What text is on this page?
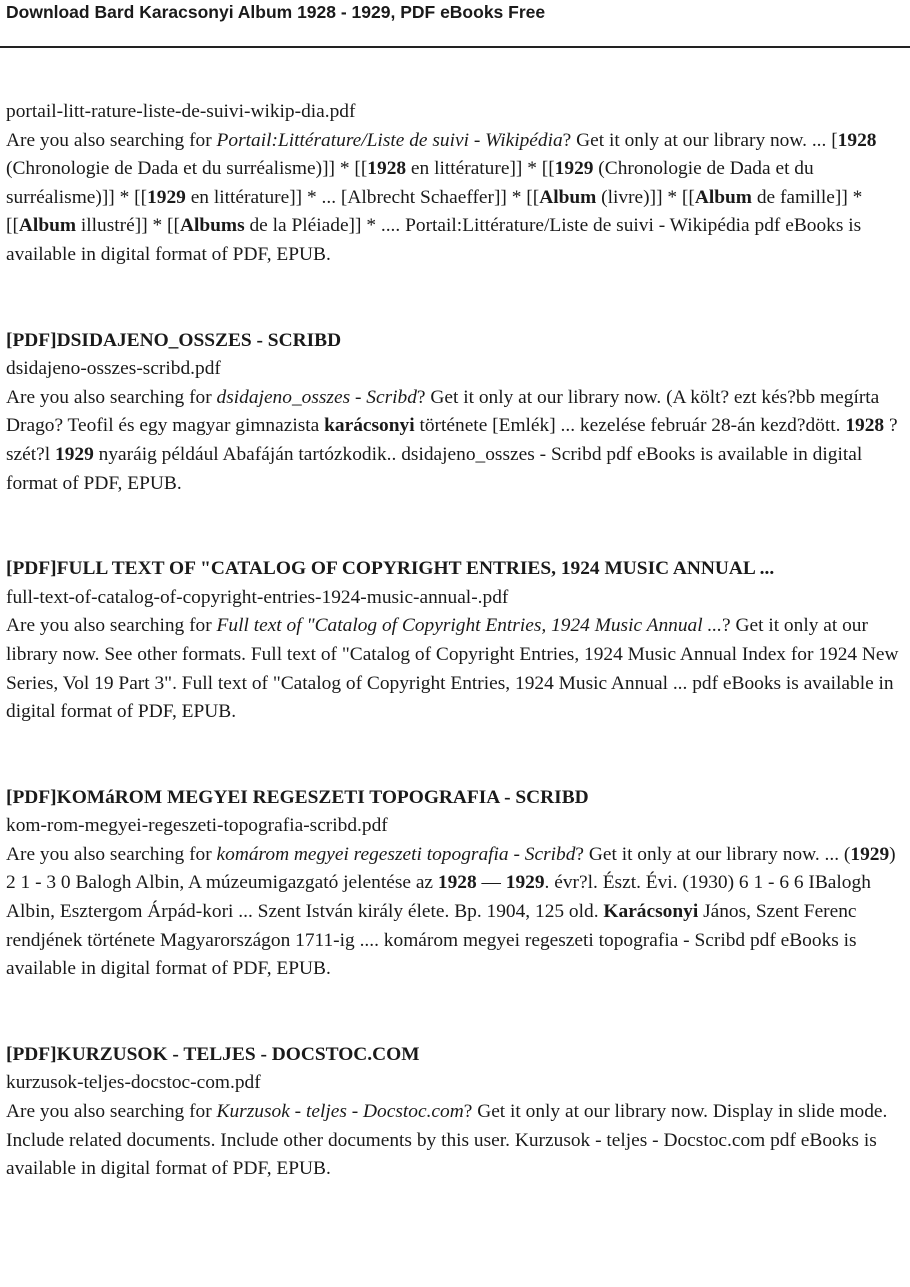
Download Bard Karacsonyi Album 1928 - 1929, PDF eBooks Free
portail-litt-rature-liste-de-suivi-wikip-dia.pdf
Are you also searching for Portail:Littérature/Liste de suivi - Wikipédia? Get it only at our library now. ... [1928 (Chronologie de Dada et du surréalisme)]] * [[1928 en littérature]] * [[1929 (Chronologie de Dada et du surréalisme)]] * [[1929 en littérature]] * ... [Albrecht Schaeffer]] * [[Album (livre)]] * [[Album de famille]] * [[Album illustré]] * [[Albums de la Pléiade]] * .... Portail:Littérature/Liste de suivi - Wikipédia pdf eBooks is available in digital format of PDF, EPUB.
[PDF]DSIDAJENO_OSSZES - SCRIBD
dsidajeno-osszes-scribd.pdf
Are you also searching for dsidajeno_osszes - Scribd? Get it only at our library now. (A költ? ezt kés?bb megírta Drago? Teofil és egy magyar gimnazista karácsonyi története [Emlék] ... kezelése február 28-án kezd?dött. 1928 ?szét?l 1929 nyaráig például Abafáján tartózkodik.. dsidajeno_osszes - Scribd pdf eBooks is available in digital format of PDF, EPUB.
[PDF]FULL TEXT OF "CATALOG OF COPYRIGHT ENTRIES, 1924 MUSIC ANNUAL ...
full-text-of-catalog-of-copyright-entries-1924-music-annual-.pdf
Are you also searching for Full text of "Catalog of Copyright Entries, 1924 Music Annual ...? Get it only at our library now. See other formats. Full text of "Catalog of Copyright Entries, 1924 Music Annual Index for 1924 New Series, Vol 19 Part 3". Full text of "Catalog of Copyright Entries, 1924 Music Annual ... pdf eBooks is available in digital format of PDF, EPUB.
[PDF]KOMáROM MEGYEI REGESZETI TOPOGRAFIA - SCRIBD
kom-rom-megyei-regeszeti-topografia-scribd.pdf
Are you also searching for komárom megyei regeszeti topografia - Scribd? Get it only at our library now. ... (1929) 2 1 - 3 0 Balogh Albin, A múzeumigazgató jelentése az 1928 — 1929. évr?l. Észt. Évi. (1930) 6 1 - 6 6 IBalogh Albin, Esztergom Árpád-kori ... Szent István király élete. Bp. 1904, 125 old. Karácsonyi János, Szent Ferenc rendjének története Magyarországon 1711-ig .... komárom megyei regeszeti topografia - Scribd pdf eBooks is available in digital format of PDF, EPUB.
[PDF]KURZUSOK - TELJES - DOCSTOC.COM
kurzusok-teljes-docstoc-com.pdf
Are you also searching for Kurzusok - teljes - Docstoc.com? Get it only at our library now. Display in slide mode. Include related documents. Include other documents by this user. Kurzusok - teljes - Docstoc.com pdf eBooks is available in digital format of PDF, EPUB.
